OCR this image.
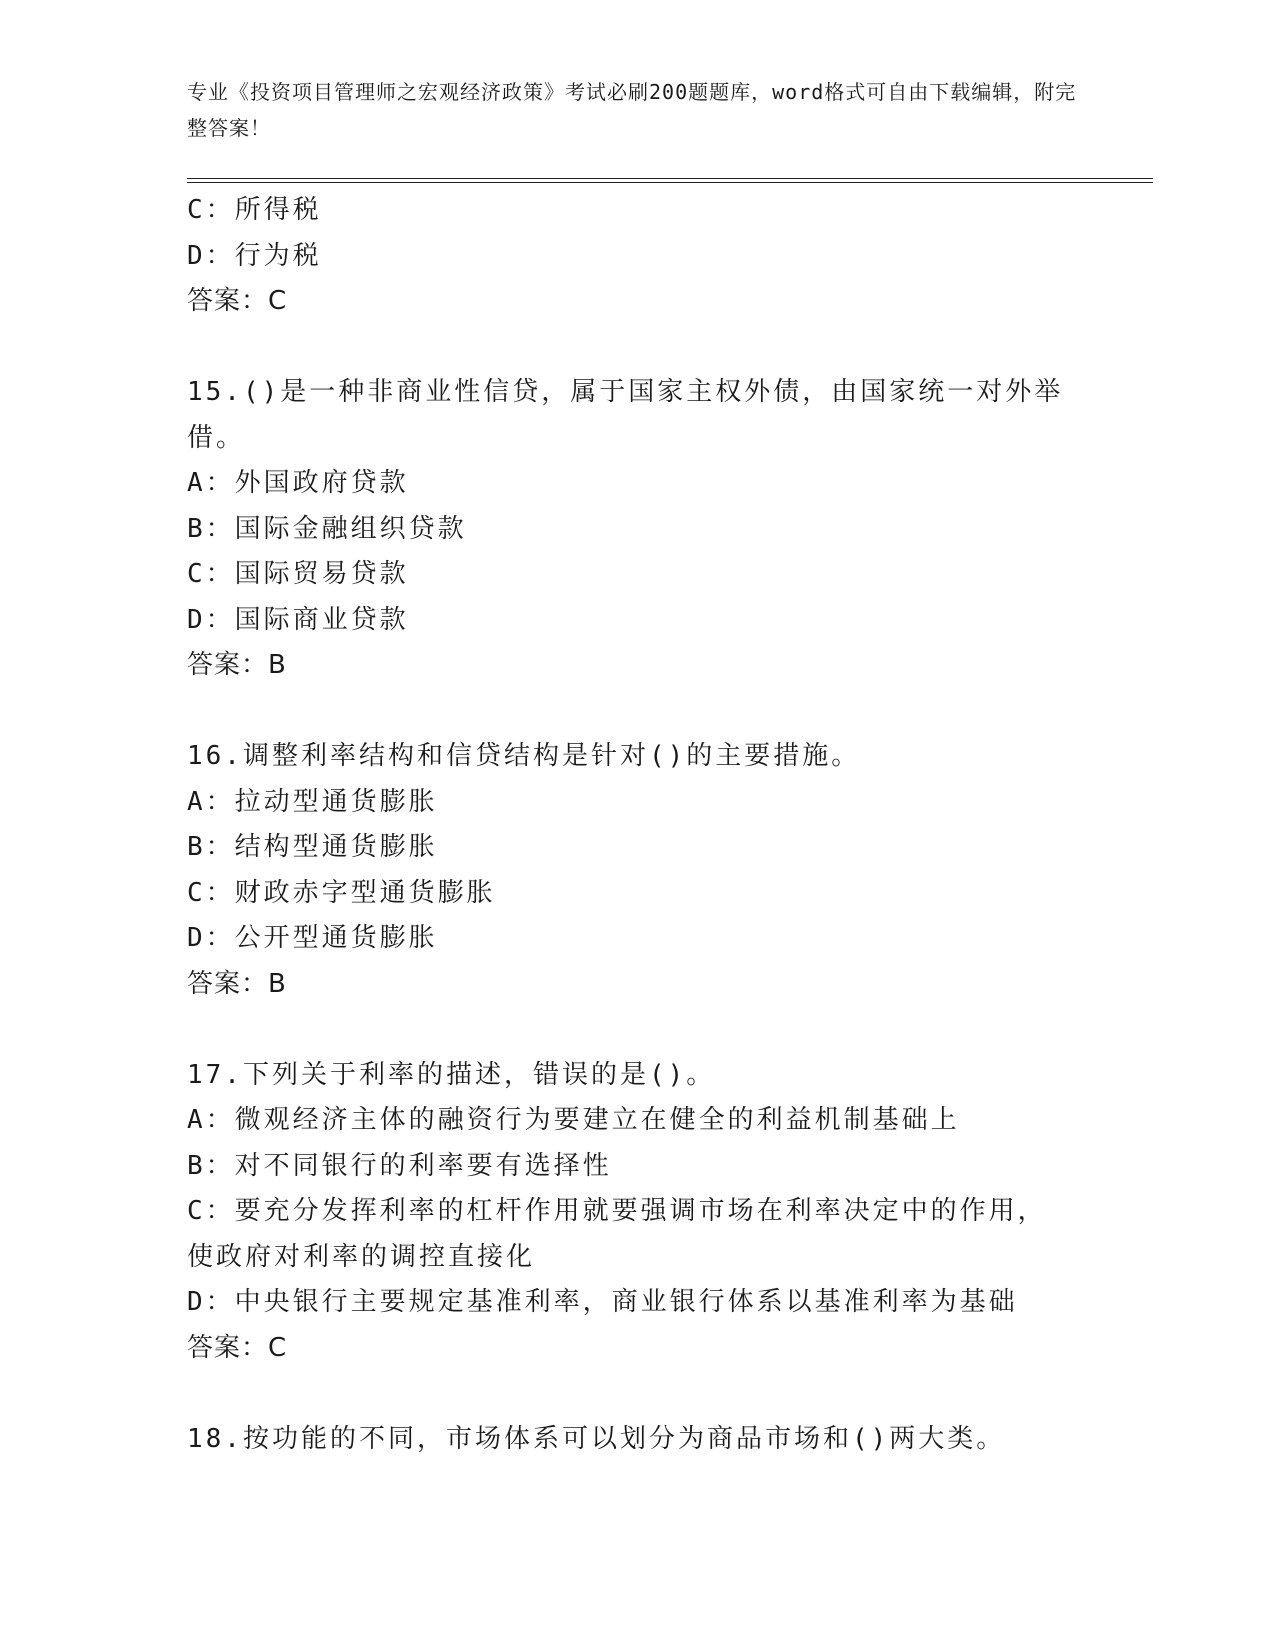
专业《投资项目管理师之宏观经济政策》考试必刷200题题库，word格式可自由下载编辑，附完整答案！
C：所得税
D：行为税
答案：C
15.()是一种非商业性信贷，属于国家主权外债，由国家统一对外举借。
A：外国政府贷款
B：国际金融组织贷款
C：国际贸易贷款
D：国际商业贷款
答案：B
16.调整利率结构和信贷结构是针对()的主要措施。
A：拉动型通货膨胀
B：结构型通货膨胀
C：财政赤字型通货膨胀
D：公开型通货膨胀
答案：B
17.下列关于利率的描述，错误的是()。
A：微观经济主体的融资行为要建立在健全的利益机制基础上
B：对不同银行的利率要有选择性
C：要充分发挥利率的杠杆作用就要强调市场在利率决定中的作用，使政府对利率的调控直接化
D：中央银行主要规定基准利率，商业银行体系以基准利率为基础
答案：C
18.按功能的不同，市场体系可以划分为商品市场和()两大类。
